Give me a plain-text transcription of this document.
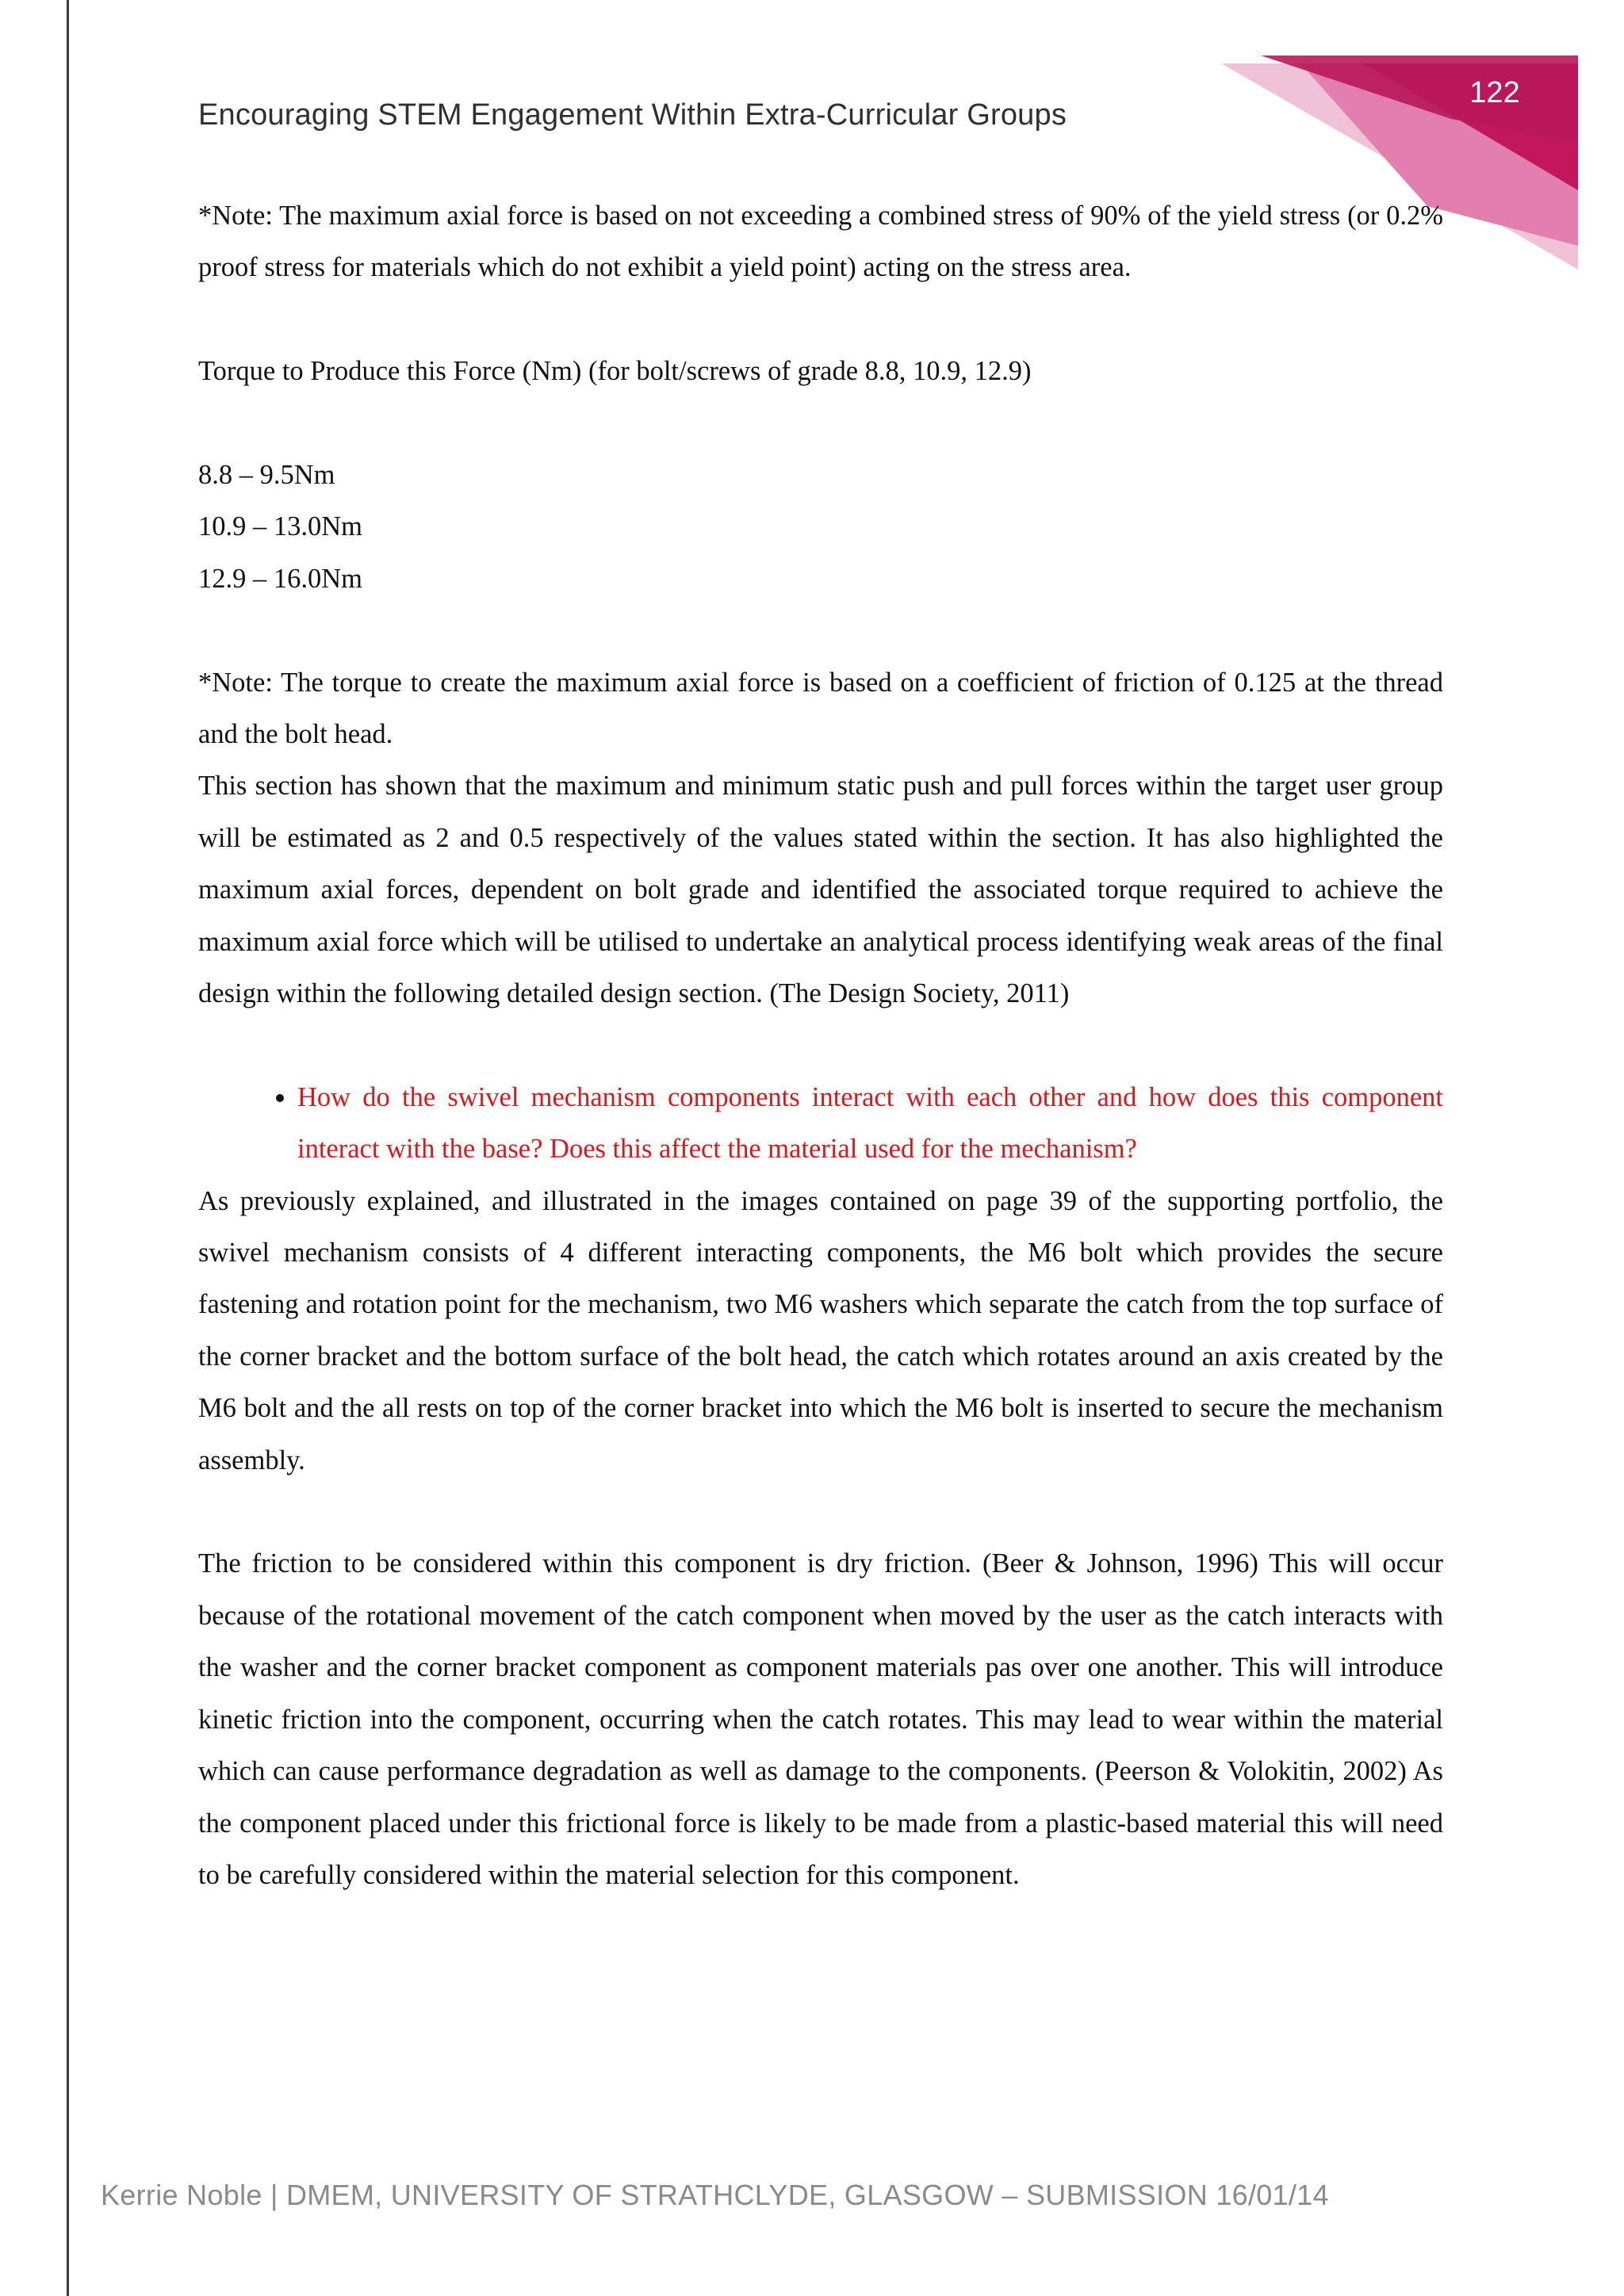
122
Encouraging STEM Engagement Within Extra-Curricular Groups

*Note: The maximum axial force is based on not exceeding a combined stress of 90% of the yield stress (or 0.2% proof stress for materials which do not exhibit a yield point) acting on the stress area.

Torque to Produce this Force (Nm) (for bolt/screws of grade 8.8, 10.9, 12.9)

8.8 – 9.5Nm

10.9 – 13.0Nm

12.9 – 16.0Nm

*Note: The torque to create the maximum axial force is based on a coefficient of friction of 0.125 at the thread and the bolt head.

This section has shown that the maximum and minimum static push and pull forces within the target user group will be estimated as 2 and 0.5 respectively of the values stated within the section. It has also highlighted the maximum axial forces, dependent on bolt grade and identified the associated torque required to achieve the maximum axial force which will be utilised to undertake an analytical process identifying weak areas of the final design within the following detailed design section. (The Design Society, 2011)

• How do the swivel mechanism components interact with each other and how does this component interact with the base? Does this affect the material used for the mechanism?

As previously explained, and illustrated in the images contained on page 39 of the supporting portfolio, the swivel mechanism consists of 4 different interacting components, the M6 bolt which provides the secure fastening and rotation point for the mechanism, two M6 washers which separate the catch from the top surface of the corner bracket and the bottom surface of the bolt head, the catch which rotates around an axis created by the M6 bolt and the all rests on top of the corner bracket into which the M6 bolt is inserted to secure the mechanism assembly.

The friction to be considered within this component is dry friction. (Beer & Johnson, 1996) This will occur because of the rotational movement of the catch component when moved by the user as the catch interacts with the washer and the corner bracket component as component materials pas over one another. This will introduce kinetic friction into the component, occurring when the catch rotates. This may lead to wear within the material which can cause performance degradation as well as damage to the components. (Peerson & Volokitin, 2002) As the component placed under this frictional force is likely to be made from a plastic-based material this will need to be carefully considered within the material selection for this component.

Kerrie Noble | DMEM, UNIVERSITY OF STRATHCLYDE, GLASGOW – SUBMISSION 16/01/14
